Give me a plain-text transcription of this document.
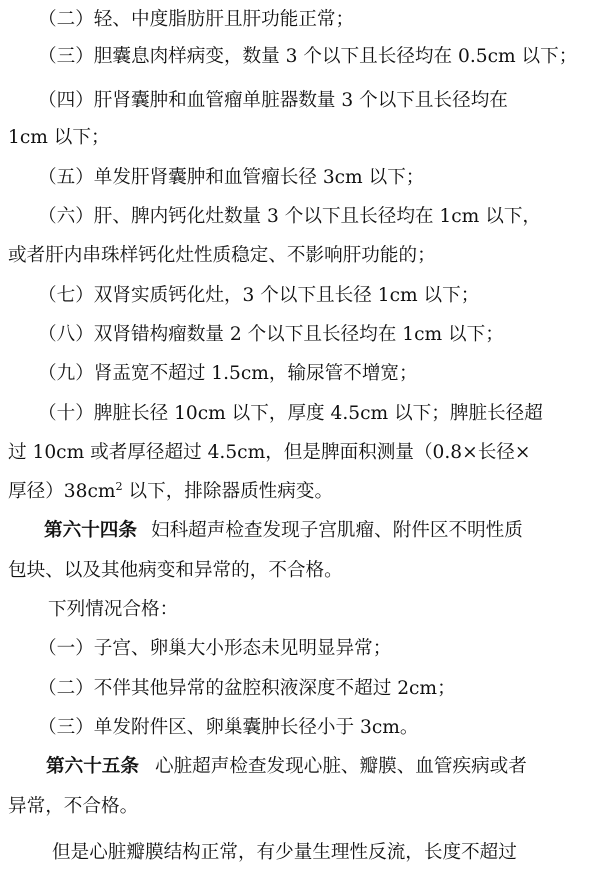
（二）轻、中度脂肪肝且肝功能正常；
（三）胆囊息肉样病变，数量 3 个以下且长径均在 0.5cm 以下；
（四）肝肾囊肿和血管瘤单脏器数量 3 个以下且长径均在
1cm 以下；
（五）单发肝肾囊肿和血管瘤长径 3cm 以下；
（六）肝、脾内钙化灶数量 3 个以下且长径均在 1cm 以下，
或者肝内串珠样钙化灶性质稳定、不影响肝功能的；
（七）双肾实质钙化灶，3 个以下且长径 1cm 以下；
（八）双肾错构瘤数量 2 个以下且长径均在 1cm 以下；
（九）肾盂宽不超过 1.5cm，输尿管不增宽；
（十）脾脏长径 10cm 以下，厚度 4.5cm 以下；脾脏长径超
过 10cm 或者厚径超过 4.5cm，但是脾面积测量（0.8×长径×
厚径）$38cm^2$ 以下，排除器质性病变。
第六十四条 妇科超声检查发现子宫肌瘤、附件区不明性质
包块、以及其他病变和异常的，不合格。
下列情况合格：
（一）子宫、卵巢大小形态未见明显异常；
（二）不伴其他异常的盆腔积液深度不超过 2cm；
（三）单发附件区、卵巢囊肿长径小于 3cm。
第六十五条 心脏超声检查发现心脏、瓣膜、血管疾病或者
异常，不合格。
但是心脏瓣膜结构正常，有少量生理性反流，长度不超过
